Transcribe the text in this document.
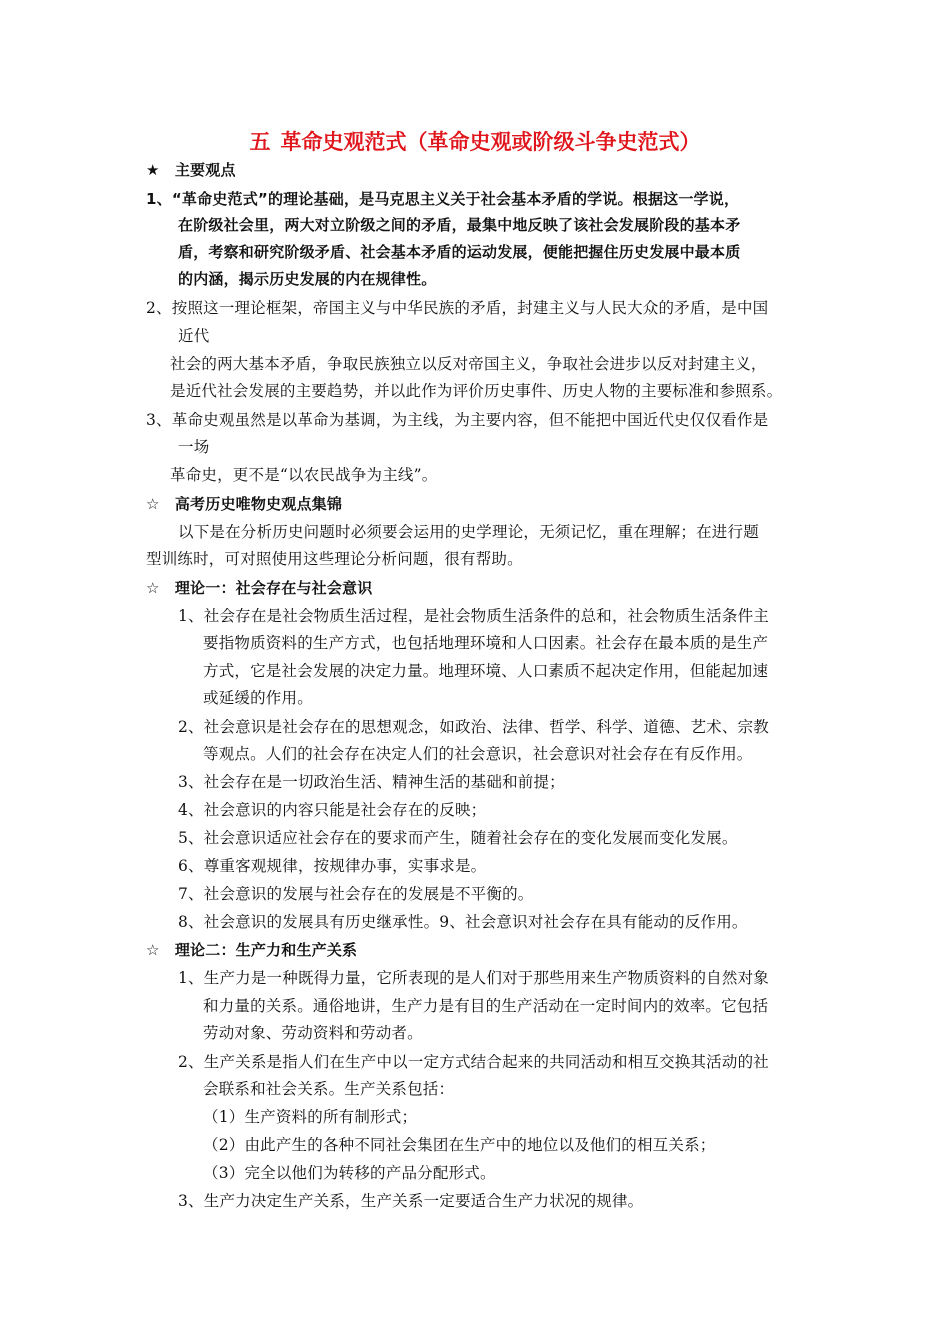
五 革命史观范式（革命史观或阶级斗争史范式）
★　主要观点
1、“革命史范式”的理论基础，是马克思主义关于社会基本矛盾的学说。根据这一学说，
在阶级社会里，两大对立阶级之间的矛盾，最集中地反映了该社会发展阶段的基本矛
盾，考察和研究阶级矛盾、社会基本矛盾的运动发展，便能把握住历史发展中最本质
的内涵，揭示历史发展的内在规律性。
2、按照这一理论框架，帝国主义与中华民族的矛盾，封建主义与人民大众的矛盾，是中国
近代
社会的两大基本矛盾，争取民族独立以反对帝国主义，争取社会进步以反对封建主义，
是近代社会发展的主要趋势，并以此作为评价历史事件、历史人物的主要标准和参照系。
3、革命史观虽然是以革命为基调，为主线，为主要内容，但不能把中国近代史仅仅看作是
一场
革命史，更不是“以农民战争为主线”。
☆　高考历史唯物史观点集锦
以下是在分析历史问题时必须要会运用的史学理论，无须记忆，重在理解；在进行题
型训练时，可对照使用这些理论分析问题，很有帮助。
☆　理论一：社会存在与社会意识
1、社会存在是社会物质生活过程，是社会物质生活条件的总和，社会物质生活条件主
要指物质资料的生产方式，也包括地理环境和人口因素。社会存在最本质的是生产
方式，它是社会发展的决定力量。地理环境、人口素质不起决定作用，但能起加速
或延缓的作用。
2、社会意识是社会存在的思想观念，如政治、法律、哲学、科学、道德、艺术、宗教
等观点。人们的社会存在决定人们的社会意识，社会意识对社会存在有反作用。
3、社会存在是一切政治生活、精神生活的基础和前提；
4、社会意识的内容只能是社会存在的反映；
5、社会意识适应社会存在的要求而产生，随着社会存在的变化发展而变化发展。
6、尊重客观规律，按规律办事，实事求是。
7、社会意识的发展与社会存在的发展是不平衡的。
8、社会意识的发展具有历史继承性。9、社会意识对社会存在具有能动的反作用。
☆　理论二：生产力和生产关系
1、生产力是一种既得力量，它所表现的是人们对于那些用来生产物质资料的自然对象
和力量的关系。通俗地讲，生产力是有目的生产活动在一定时间内的效率。它包括
劳动对象、劳动资料和劳动者。
2、生产关系是指人们在生产中以一定方式结合起来的共同活动和相互交换其活动的社
会联系和社会关系。生产关系包括：
（1）生产资料的所有制形式；
（2）由此产生的各种不同社会集团在生产中的地位以及他们的相互关系；
（3）完全以他们为转移的产品分配形式。
3、生产力决定生产关系，生产关系一定要适合生产力状况的规律。
